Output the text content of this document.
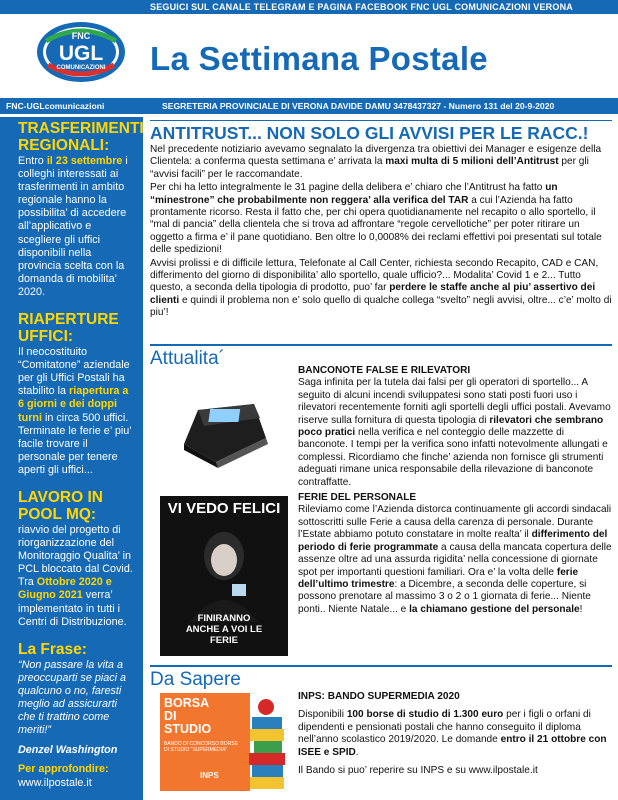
SEGUICI SUL CANALE TELEGRAM E PAGINA FACEBOOK FNC UGL COMUNICAZIONI VERONA
FNC
UGL
COMUNICAZIONI La Settimana Postale
FNC-UGLcomunicazioni	SEGRETERIA PROVINCIALE DI VERONA DAVIDE DAMU 3478437327 - Numero 131 del 20-9-2020
TRASFERIMENTI REGIONALI:
Entro il 23 settembre i colleghi interessati ai trasferimenti in ambito regionale hanno la possibilita’ di accedere all’applicativo e scegliere gli uffici disponibili nella provincia scelta con la domanda di mobilita’ 2020.
RIAPERTURE UFFICI:
Il neocostituito “Comitatone” aziendale per gli Uffici Postali ha stabilito la riapertura a 6 giorni e dei doppi turni in circa 500 uffici. Terminate le ferie e’ piu’ facile trovare il personale per tenere aperti gli uffici...
LAVORO IN POOL MQ:
riavvio del progetto di riorganizzazione del Monitoraggio Qualita’ in PCL bloccato dal Covid. Tra Ottobre 2020 e Giugno 2021 verra’ implementato in tutti i Centri di Distribuzione.
La Frase:
“Non passare la vita a preoccuparti se piaci a qualcuno o no, faresti meglio ad assicurarti che ti trattino come meriti!”
Denzel Washington
Per approfondire:
www.ilpostale.it
ANTITRUST... NON SOLO GLI AVVISI PER LE RACC.!

Nel precedente notiziario avevamo segnalato la divergenza tra obiettivi dei Manager e esigenze della Clientela: a conferma questa settimana e’ arrivata la maxi multa di 5 milioni dell’Antitrust per gli “avvisi facili” per le raccomandate.

Per chi ha letto integralmente le 31 pagine della delibera e’ chiaro che l’Antitrust ha fatto un “minestrone” che probabilmente non reggera’ alla verifica del TAR a cui l’Azienda ha fatto prontamente ricorso. Resta il fatto che, per chi opera quotidianamente nel recapito o allo sportello, il “mal di pancia” della clientela che si trova ad affrontare “regole cervellotiche” per poter ritirare un oggetto a firma e’ il pane quotidiano. Ben oltre lo 0,0008% dei reclami effettivi poi presentati sul totale delle spedizioni!

Avvisi prolissi e di difficile lettura, Telefonate al Call Center, richiesta secondo Recapito, CAD e CAN, differimento del giorno di disponibilita’ allo sportello, quale ufficio?... Modalita’ Covid 1 e 2... Tutto questo, a seconda della tipologia di prodotto, puo’ far perdere le staffe anche al piu’ assertivo dei clienti e quindi il problema non e’ solo quello di qualche collega “svelto” negli avvisi, oltre... c’e’ molto di piu’!

Attualita´
VI VEDO FELICI
FINIRANNO ANCHE A VOI LE FERIE
BANCONOTE FALSE E RILEVATORI

Saga infinita per la tutela dai falsi per gli operatori di sportello... A seguito di alcuni incendi sviluppatesi sono stati posti fuori uso i rilevatori recentemente forniti agli sportelli degli uffici postali. Avevamo riserve sulla fornitura di questa tipologia di rilevatori che sembrano poco pratici nella verifica e nel conteggio delle mazzette di banconote. I tempi per la verifica sono infatti notevolmente allungati e complessi. Ricordiamo che finche’ azienda non fornisce gli strumenti adeguati rimane unica responsabile della rilevazione di banconote contraffatte.

FERIE DEL PERSONALE

Rileviamo come l’Azienda distorca continuamente gli accordi sindacali sottoscritti sulle Ferie a causa della carenza di personale. Durante l’Estate abbiamo potuto constatare in molte realta’ il differimento del periodo di ferie programmate a causa della mancata copertura delle assenze oltre ad una assurda rigidita’ nella concessione di giornate spot per importanti questioni familiari. Ora e’ la volta delle ferie dell’ultimo trimestre: a Dicembre, a seconda delle coperture, si possono prenotare al massimo 3 o 2 o 1 giornata di ferie... Niente ponti.. Niente Natale... e la chiamano gestione del personale!

Da Sapere
BORSA
DI
STUDIO
BANDO DI CONCORSO BORSE DI STUDIO "SUPERMEDIA"
INPS
INPS: BANDO SUPERMEDIA 2020

Disponibili 100 borse di studio di 1.300 euro per i figli o orfani di dipendenti e pensionati postali che hanno conseguito il diploma nell’anno scolastico 2019/2020. Le domande entro il 21 ottobre con ISEE e SPID.

Il Bando si puo’ reperire su INPS e su www.ilpostale.it
